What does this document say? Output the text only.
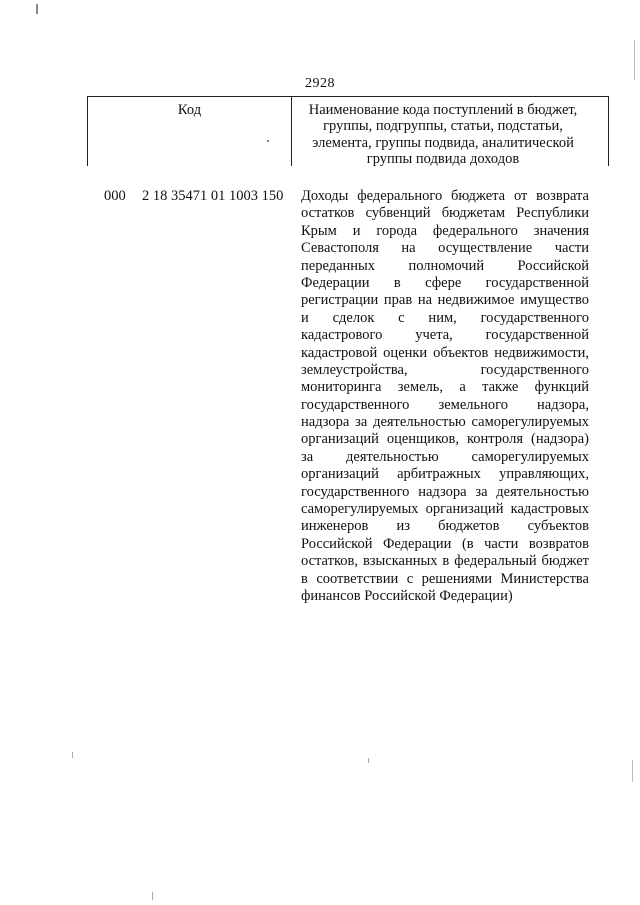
2928
Код	Наименование кода поступлений в бюджет,
группы, подгруппы, статьи, подстатьи,
элемента, группы подвида, аналитической
группы подвида доходов
000 2 18 35471 01 1003 150 Доходы федерального бюджета от возврата
остатков субвенций бюджетам Республики
Крым и города федерального значения
Севастополя на осуществление части
переданных полномочий Российской
Федерации в сфере государственной
регистрации прав на недвижимое имущество
и сделок с ним, государственного
кадастрового учета, государственной
кадастровой оценки объектов недвижимости,
землеустройства, государственного
мониторинга земель, а также функций
государственного земельного надзора,
надзора за деятельностью саморегулируемых
организаций оценщиков, контроля (надзора)
за деятельностью саморегулируемых
организаций арбитражных управляющих,
государственного надзора за деятельностью
саморегулируемых организаций кадастровых
инженеров из бюджетов субъектов
Российской Федерации (в части возвратов
остатков, взысканных в федеральный бюджет
в соответствии с решениями Министерства
финансов Российской Федерации)
